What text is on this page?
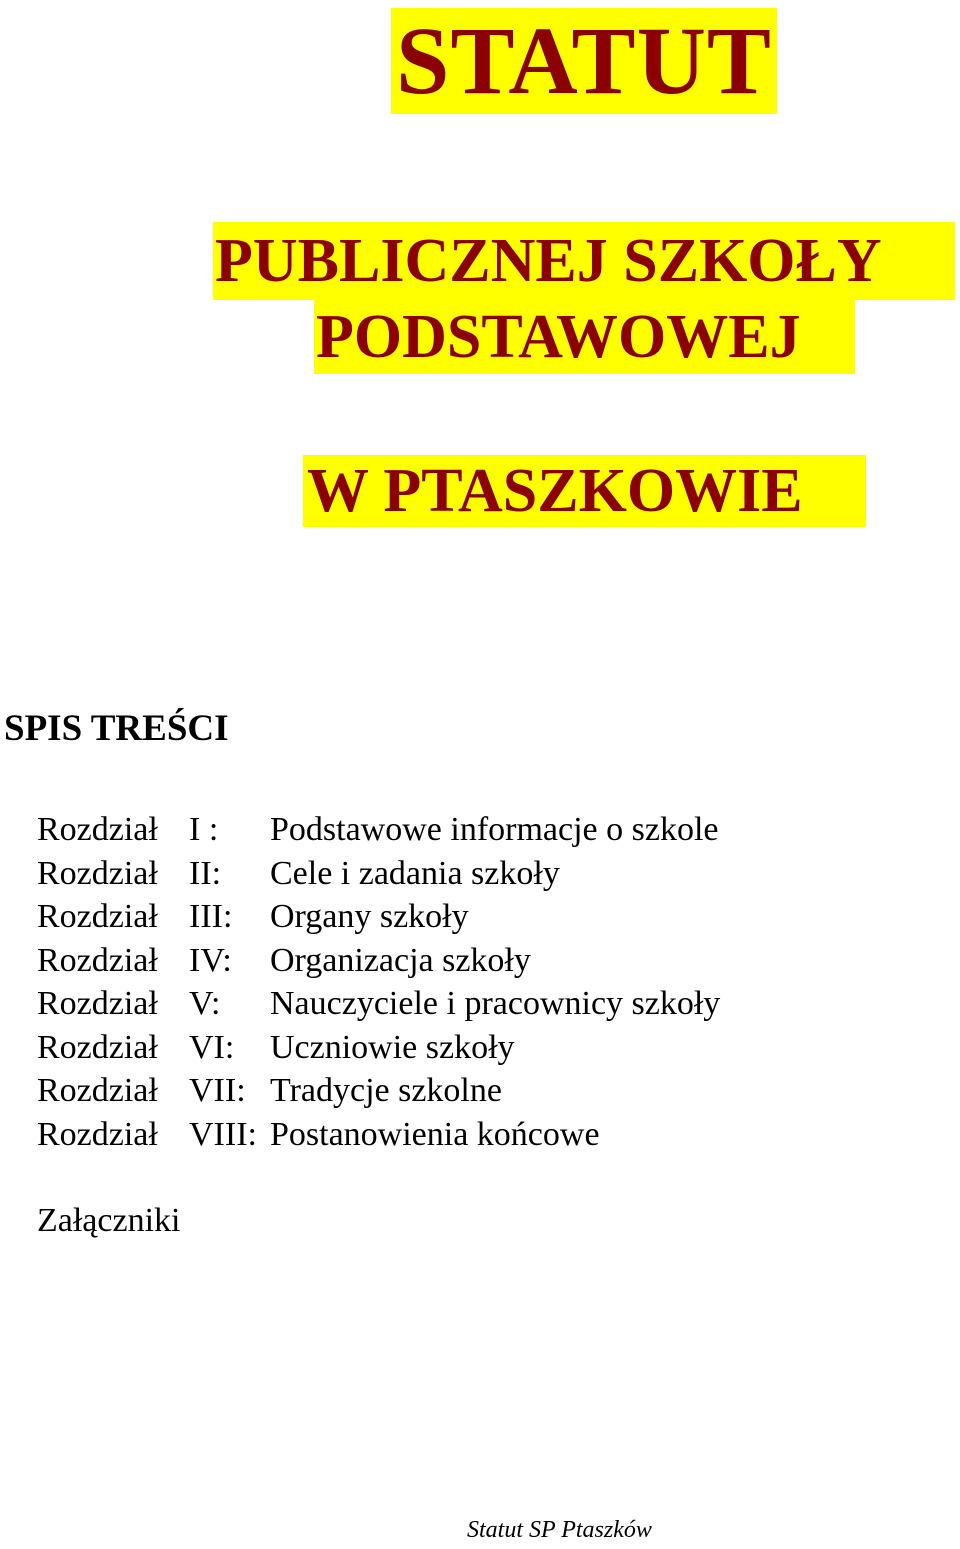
STATUT
PUBLICZNEJ SZKOŁY
PODSTAWOWEJ
W PTASZKOWIE
SPIS TREŚCI
Rozdział I : Podstawowe informacje o szkole
Rozdział II: Cele i zadania szkoły
Rozdział III: Organy szkoły
Rozdział IV: Organizacja szkoły
Rozdział V: Nauczyciele i pracownicy szkoły
Rozdział VI: Uczniowie szkoły
Rozdział VII: Tradycje szkolne
Rozdział VIII: Postanowienia końcowe
Załączniki
Statut SP Ptaszków
